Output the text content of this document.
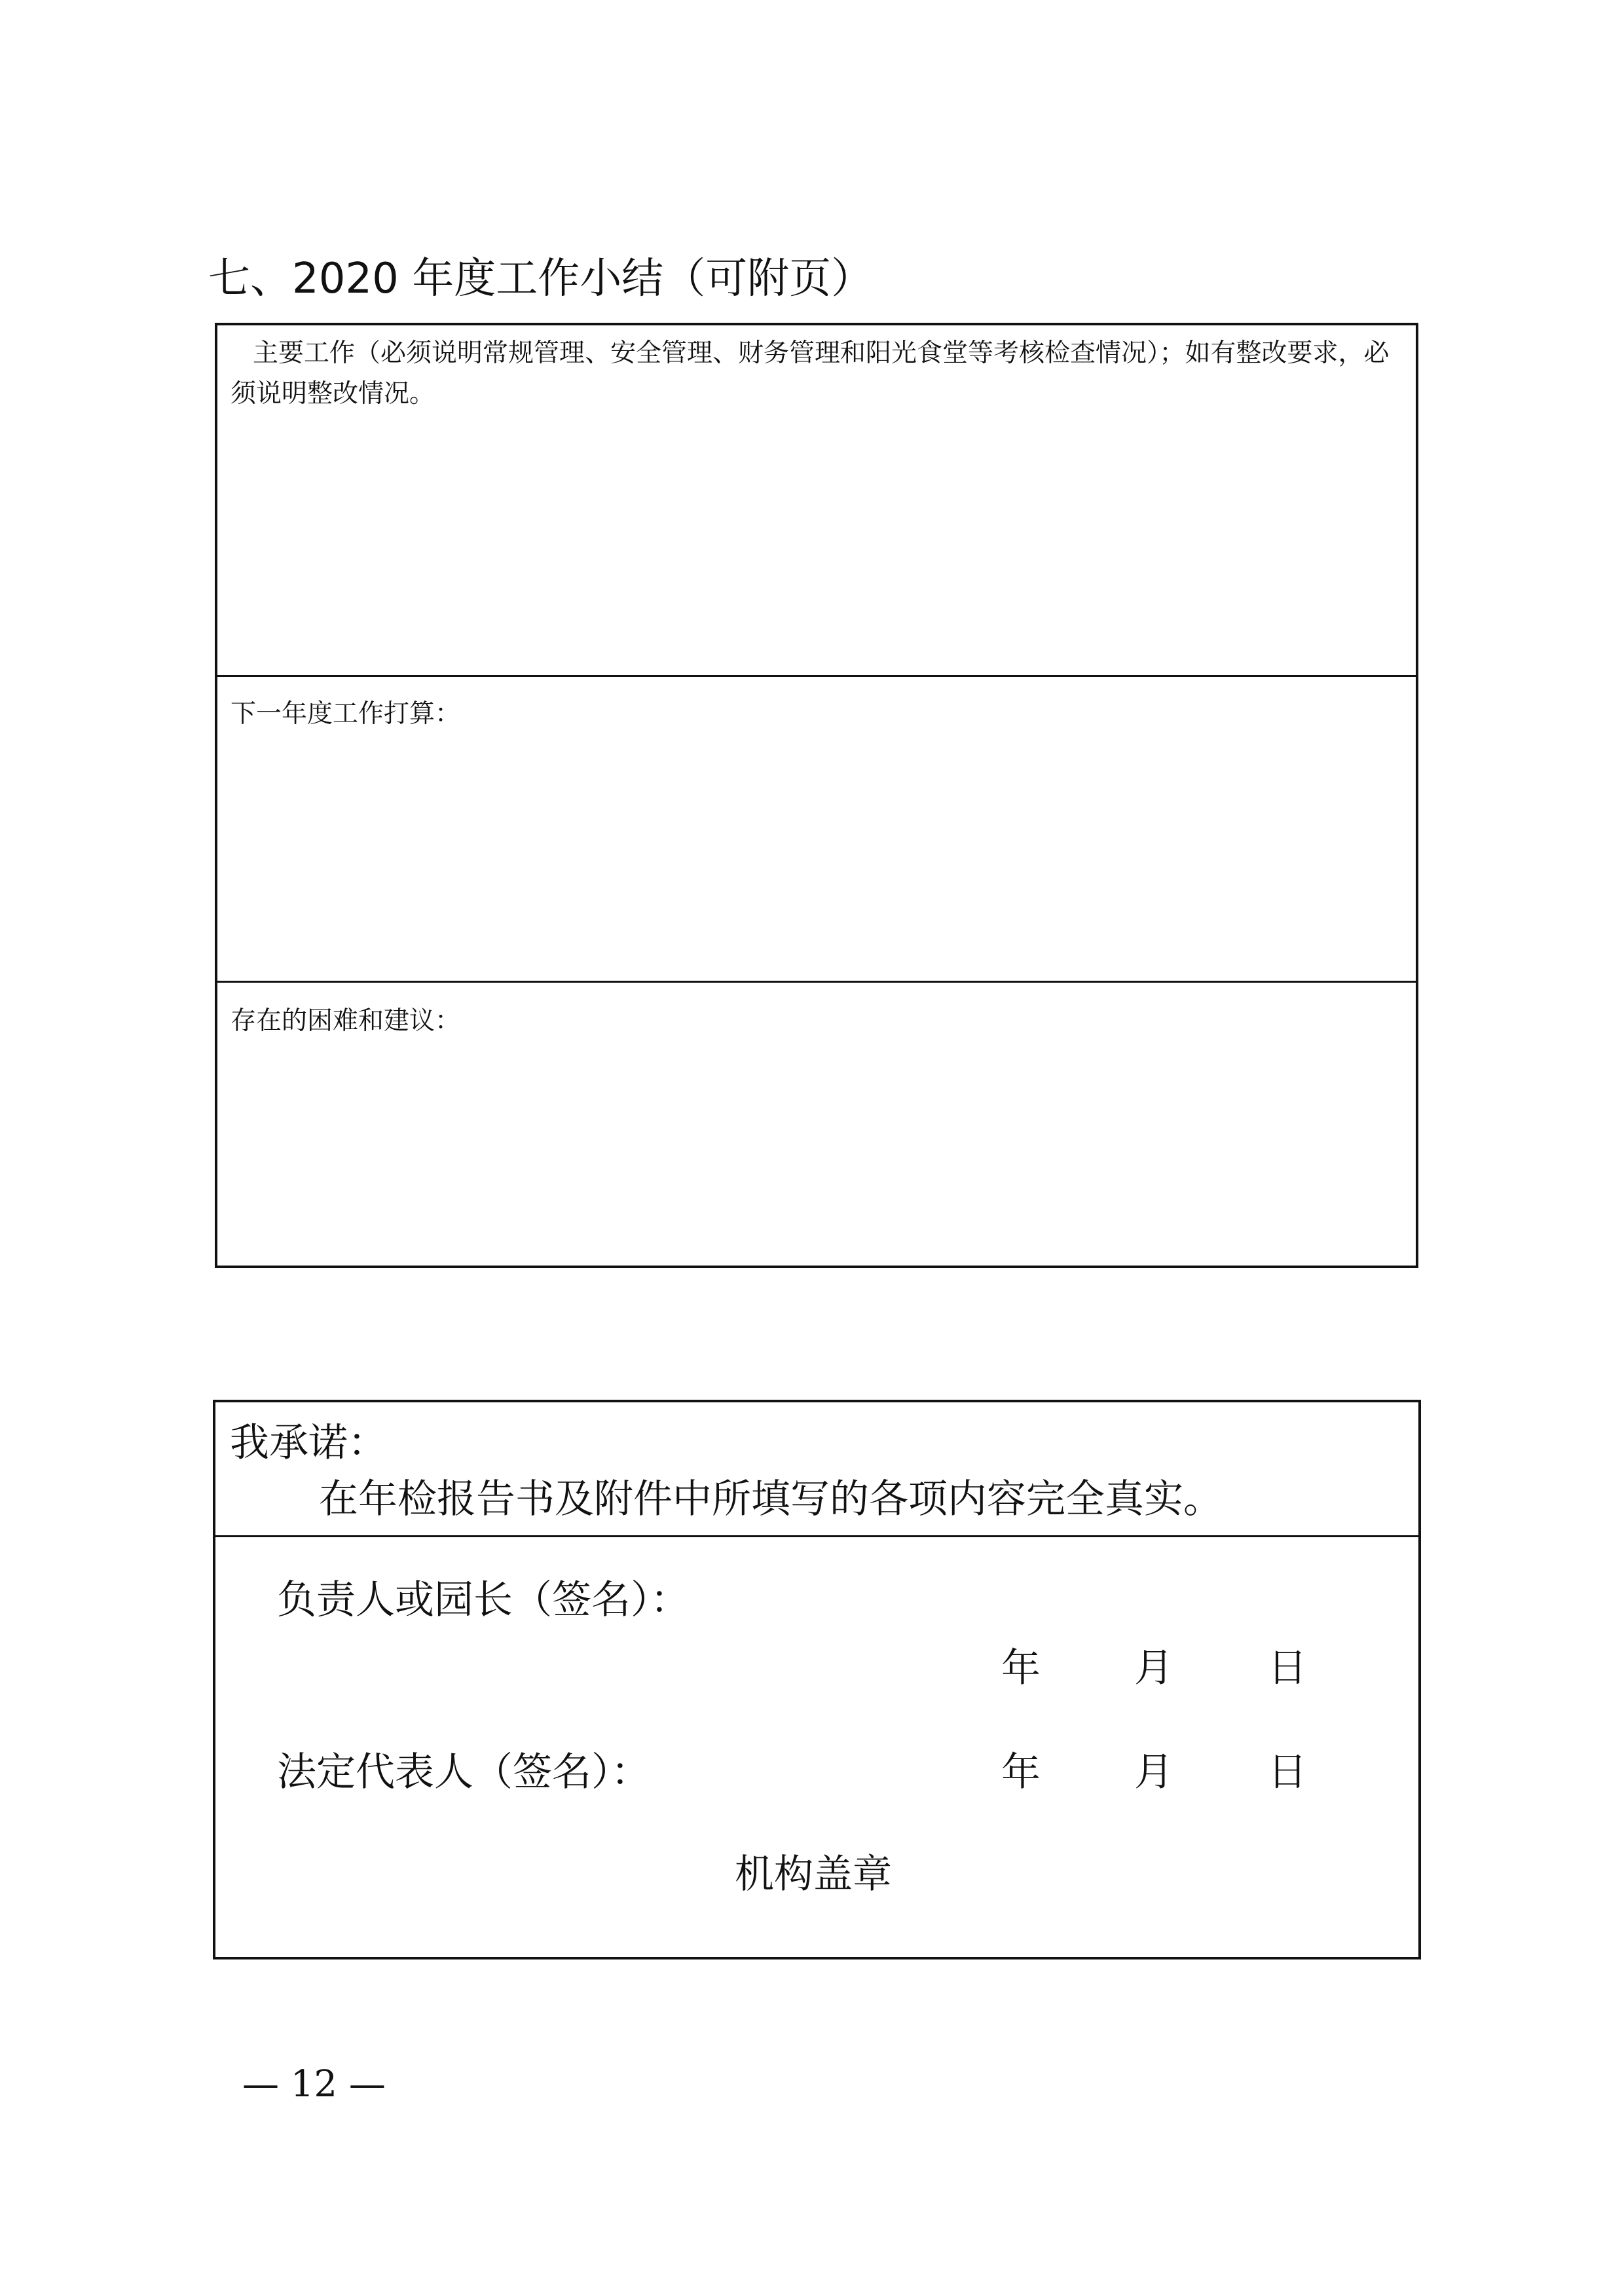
七、2020 年度工作小结（可附页）
主要工作（必须说明常规管理、安全管理、财务管理和阳光食堂等考核检查情况）；如有整改要求，必须说明整改情况。
下一年度工作打算：
存在的困难和建议：
我承诺：
在年检报告书及附件中所填写的各项内容完全真实。
负责人或园长（签名）：
年 月 日
法定代表人（签名）：	年 月 日
机构盖章
— 12 —
